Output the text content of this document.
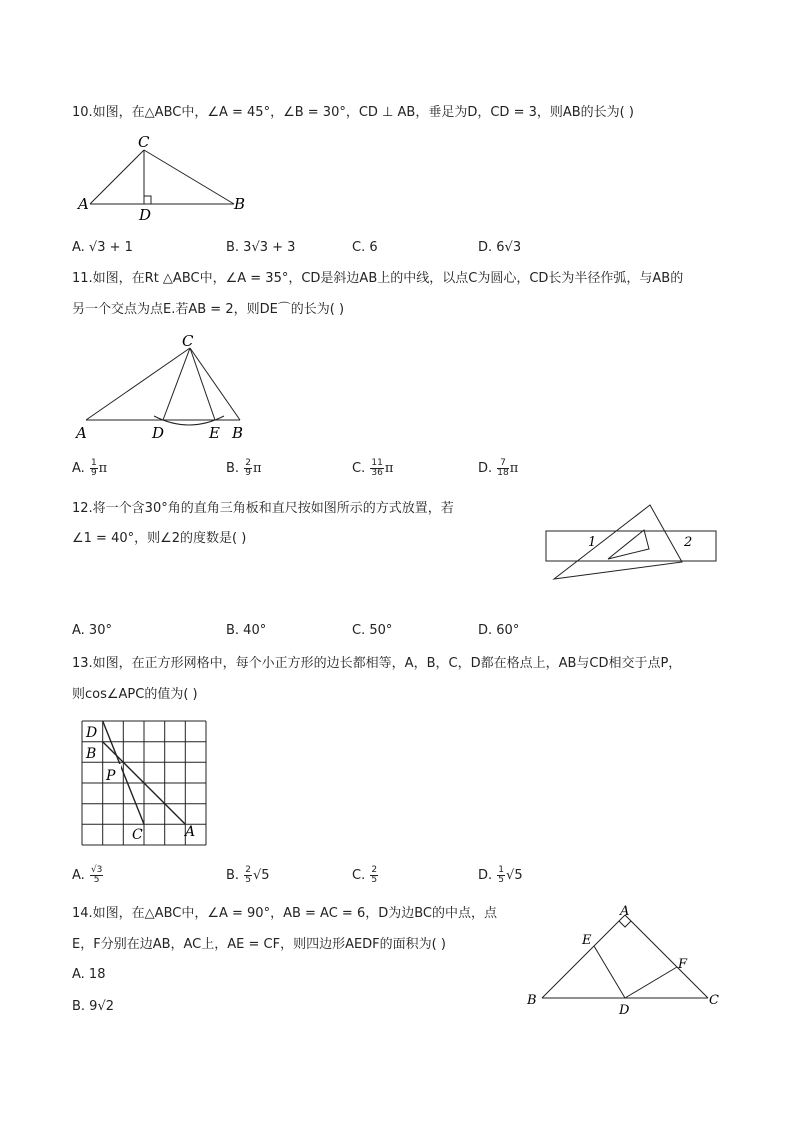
10.如图，在△ABC中，∠A = 45°，∠B = 30°，CD ⊥ AB，垂足为D，CD = 3，则AB的长为( )
C
A
D
B
A. √3 + 1	B. 3√3 + 3	C. 6	D. 6√3
11.如图，在Rt △ABC中，∠A = 35°，CD是斜边AB上的中线，以点C为圆心，CD长为半径作弧，与AB的
另一个交点为点E.若AB = 2，则DE⌒的长为( )
C
A	D	E B
A. $\frac{1}{9}$ π	B. $\frac{2}{9}$ π	C. $\frac{11}{36}$ π	D. $\frac{7}{18}$ π
12.将一个含30°角的直角三角板和直尺按如图所示的方式放置，若
∠1 = 40°，则∠2的度数是( )	1	2
A. 30°	B. 40°	C. 50°	D. 60°
13.如图，在正方形网格中，每个小正方形的边长都相等，A，B，C，D都在格点上，AB与CD相交于点P，
则cos∠APC的值为( )
D
B
P
C	A
A. $\frac{√3}{5}$	B. $\frac{2}{5} √5$	C. $\frac{2}{5}$	D. $\frac{1}{5} √5$
14.如图，在△ABC中，∠A = 90°，AB = AC = 6，D为边BC的中点，点
E，F分别在边AB，AC上，AE = CF，则四边形AEDF的面积为( )
A. 18
B. 9√2
A
E
F
B
D
C
